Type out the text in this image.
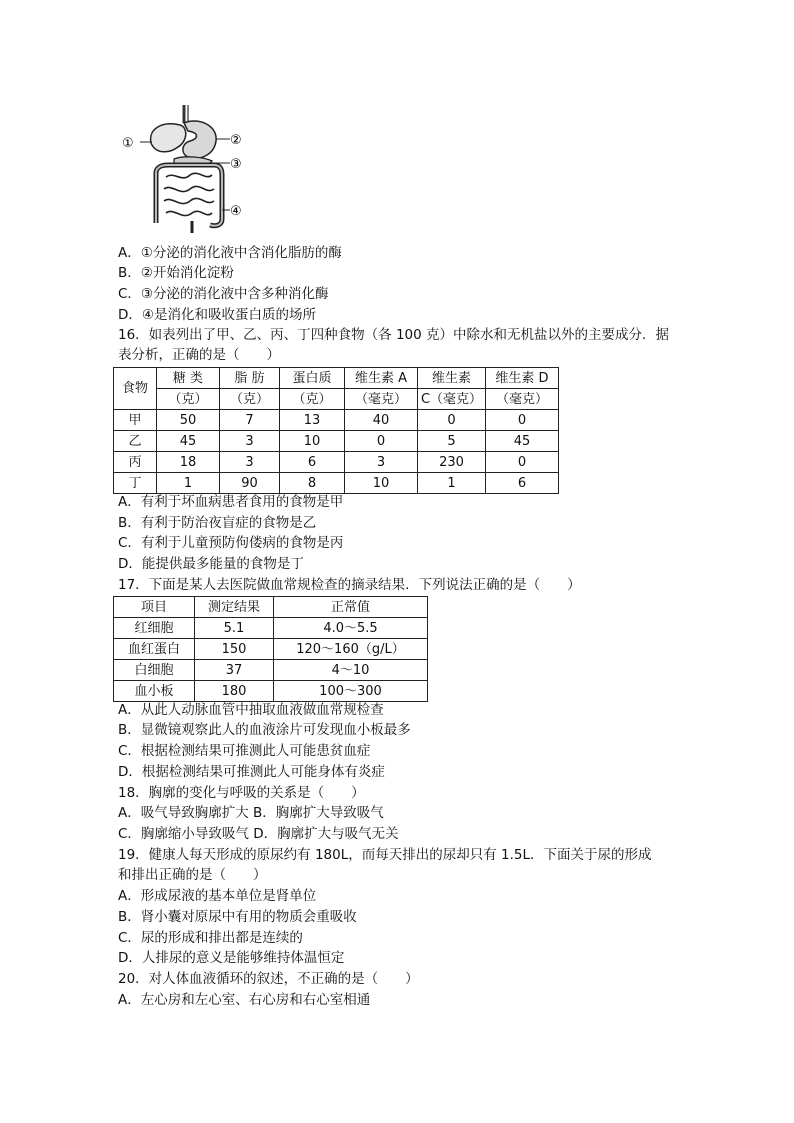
①	②
③
④
A．①分泌的消化液中含消化脂肪的酶
B．②开始消化淀粉
C．③分泌的消化液中含多种消化酶
D．④是消化和吸收蛋白质的场所
16．如表列出了甲、乙、丙、丁四种食物（各 100 克）中除水和无机盐以外的主要成分．据
表分析，正确的是（　　）
食物	糖 类	脂 肪	蛋白质	维生素 A	维生素	维生素 D
	（克）	（克）	（克）	（毫克）	C（毫克）	（毫克）
甲	50	7	13	40	0	0
乙	45	3	10	0	5	45
丙	18	3	6	3	230	0
丁	1	90	8	10	1	6
A．有利于坏血病患者食用的食物是甲
B．有利于防治夜盲症的食物是乙
C．有利于儿童预防佝偻病的食物是丙
D．能提供最多能量的食物是丁
17．下面是某人去医院做血常规检查的摘录结果．下列说法正确的是（　　）
项目	测定结果	正常值
红细胞	5.1	4.0～5.5
血红蛋白	150	120～160（g/L）
白细胞	37	4～10
血小板	180	100～300
A．从此人动脉血管中抽取血液做血常规检查
B．显微镜观察此人的血液涂片可发现血小板最多
C．根据检测结果可推测此人可能患贫血症
D．根据检测结果可推测此人可能身体有炎症
18．胸廓的变化与呼吸的关系是（　　）
A．吸气导致胸廓扩大 B．胸廓扩大导致吸气
C．胸廓缩小导致吸气 D．胸廓扩大与吸气无关
19．健康人每天形成的原尿约有 180L，而每天排出的尿却只有 1.5L．下面关于尿的形成
和排出正确的是（　　）
A．形成尿液的基本单位是肾单位
B．肾小囊对原尿中有用的物质会重吸收
C．尿的形成和排出都是连续的
D．人排尿的意义是能够维持体温恒定
20．对人体血液循环的叙述，不正确的是（　　）
A．左心房和左心室、右心房和右心室相通
